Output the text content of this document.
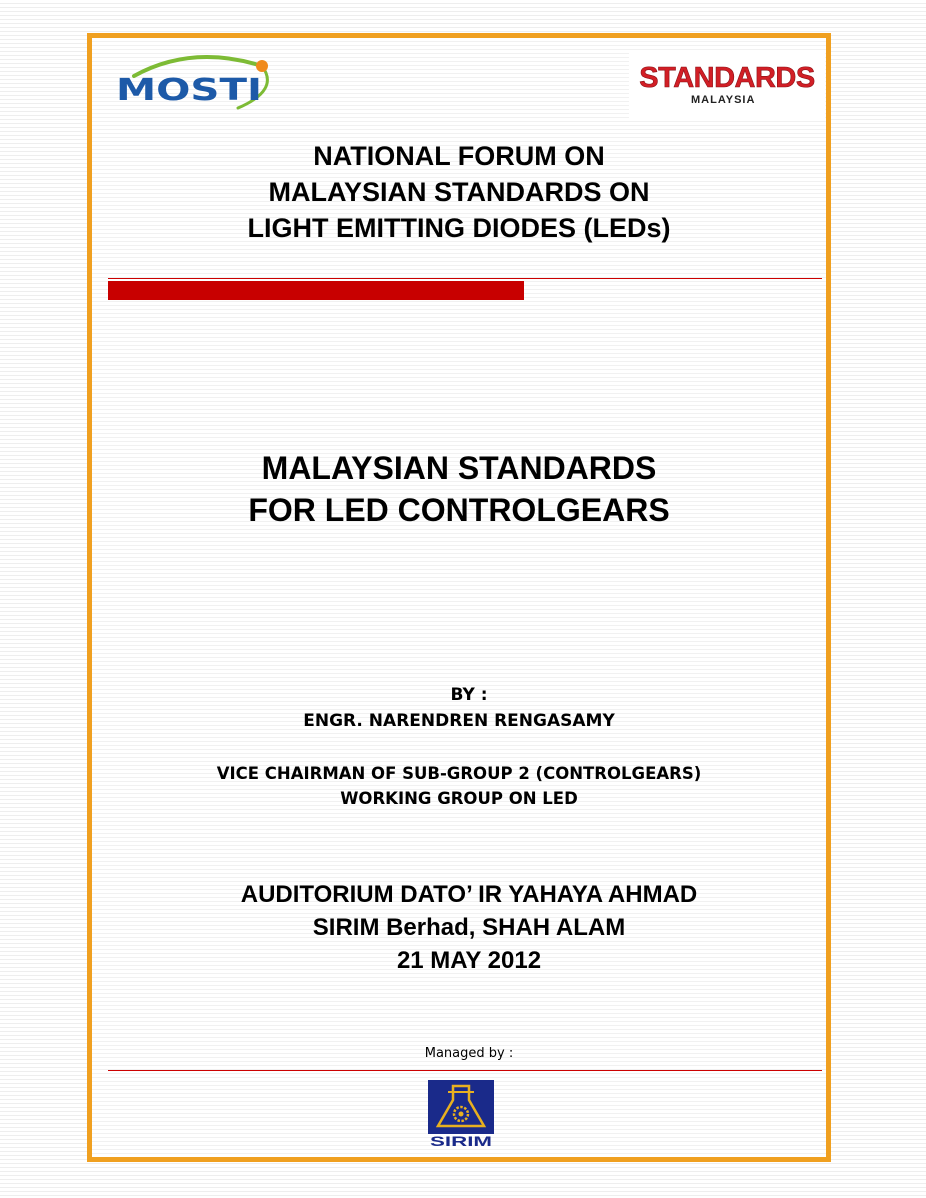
MOSTI	STANDARDS
MALAYSIA
NATIONAL FORUM ON
MALAYSIAN STANDARDS ON
LIGHT EMITTING DIODES (LEDs)
MALAYSIAN STANDARDS
FOR LED CONTROLGEARS
BY :
ENGR. NARENDREN RENGASAMY
VICE CHAIRMAN OF SUB-GROUP 2 (CONTROLGEARS)
WORKING GROUP ON LED
AUDITORIUM DATO’ IR YAHAYA AHMAD
SIRIM Berhad, SHAH ALAM
21 MAY 2012
Managed by :
SIRIM
